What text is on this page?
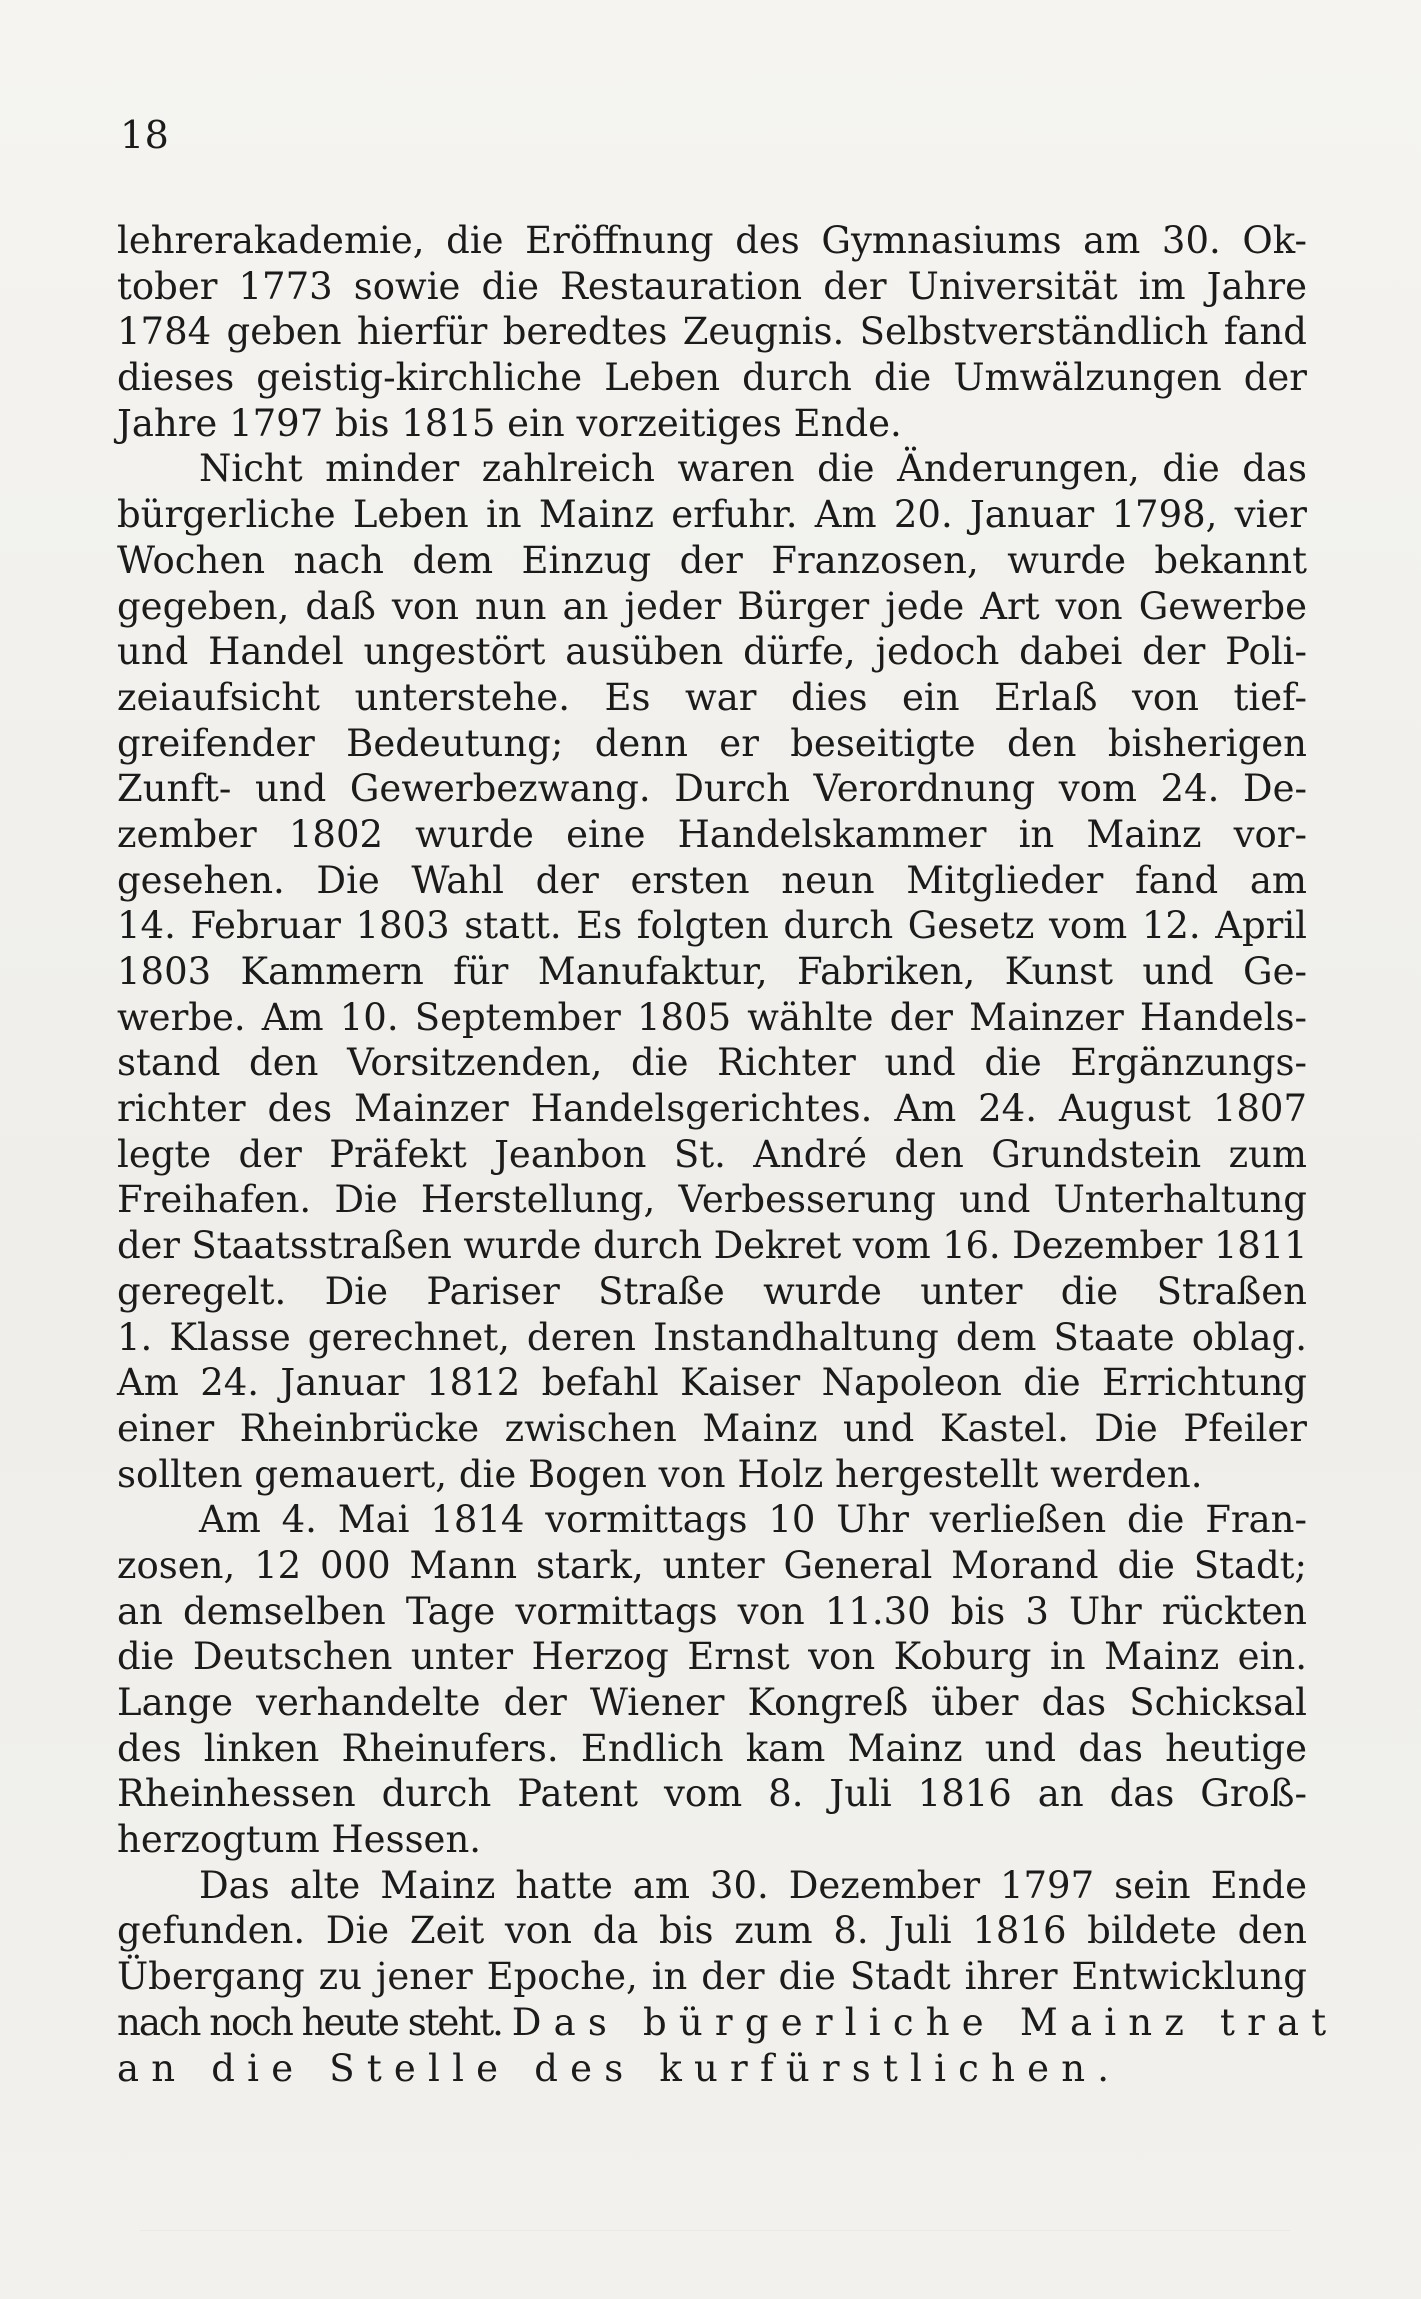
18
lehrerakademie, die Eröffnung des Gymnasiums am 30. Ok-
tober 1773 sowie die Restauration der Universität im Jahre
1784 geben hierfür beredtes Zeugnis. Selbstverständlich fand
dieses geistig-kirchliche Leben durch die Umwälzungen der
Jahre 1797 bis 1815 ein vorzeitiges Ende.
Nicht minder zahlreich waren die Änderungen, die das
bürgerliche Leben in Mainz erfuhr. Am 20. Januar 1798, vier
Wochen nach dem Einzug der Franzosen, wurde bekannt
gegeben, daß von nun an jeder Bürger jede Art von Gewerbe
und Handel ungestört ausüben dürfe, jedoch dabei der Poli-
zeiaufsicht unterstehe. Es war dies ein Erlaß von tief-
greifender Bedeutung; denn er beseitigte den bisherigen
Zunft- und Gewerbezwang. Durch Verordnung vom 24. De-
zember 1802 wurde eine Handelskammer in Mainz vor-
gesehen. Die Wahl der ersten neun Mitglieder fand am
14. Februar 1803 statt. Es folgten durch Gesetz vom 12. April
1803 Kammern für Manufaktur, Fabriken, Kunst und Ge-
werbe. Am 10. September 1805 wählte der Mainzer Handels-
stand den Vorsitzenden, die Richter und die Ergänzungs-
richter des Mainzer Handelsgerichtes. Am 24. August 1807
legte der Präfekt Jeanbon St. André den Grundstein zum
Freihafen. Die Herstellung, Verbesserung und Unterhaltung
der Staatsstraßen wurde durch Dekret vom 16. Dezember 1811
geregelt. Die Pariser Straße wurde unter die Straßen
1. Klasse gerechnet, deren Instandhaltung dem Staate oblag.
Am 24. Januar 1812 befahl Kaiser Napoleon die Errichtung
einer Rheinbrücke zwischen Mainz und Kastel. Die Pfeiler
sollten gemauert, die Bogen von Holz hergestellt werden.
Am 4. Mai 1814 vormittags 10 Uhr verließen die Fran-
zosen, 12 000 Mann stark, unter General Morand die Stadt;
an demselben Tage vormittags von 11.30 bis 3 Uhr rückten
die Deutschen unter Herzog Ernst von Koburg in Mainz ein.
Lange verhandelte der Wiener Kongreß über das Schicksal
des linken Rheinufers. Endlich kam Mainz und das heutige
Rheinhessen durch Patent vom 8. Juli 1816 an das Groß-
herzogtum Hessen.
Das alte Mainz hatte am 30. Dezember 1797 sein Ende
gefunden. Die Zeit von da bis zum 8. Juli 1816 bildete den
Übergang zu jener Epoche, in der die Stadt ihrer Entwicklung
nach noch heute steht. Das bürgerliche Mainz trat
an die Stelle des kurfürstlichen.
